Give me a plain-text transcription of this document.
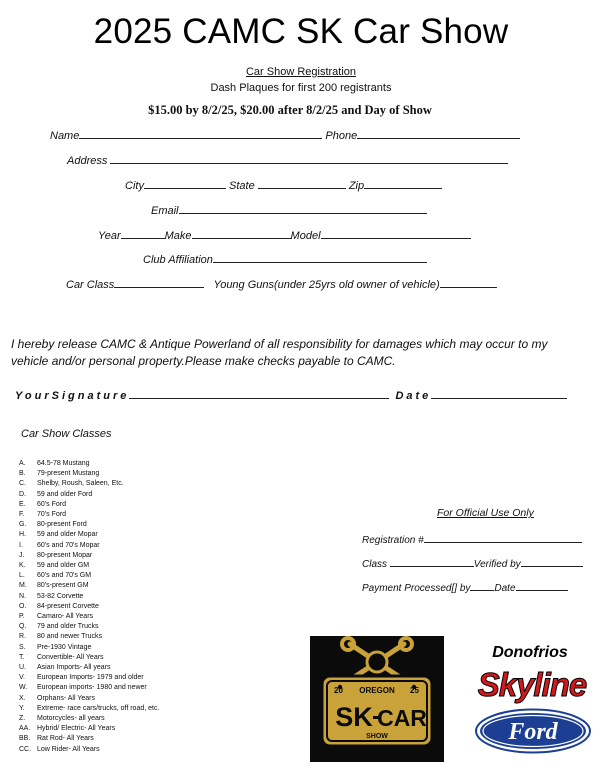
2025 CAMC SK Car Show
Car Show Registration
Dash Plaques for first 200 registrants
$15.00 by 8/2/25, $20.00 after 8/2/25 and Day of Show
Name	Phone
Address
City	State	Zip
Email
Year	Make	Model
Club Affiliation
Car Class	Young Guns(under 25yrs old owner of vehicle)
I hereby release CAMC & Antique Powerland of all responsibility for damages which may occur to my vehicle and/or personal property.Please make checks payable to CAMC.
YourSignature	Date
Car Show Classes
A. 64.5-78 Mustang
B. 79-present Mustang
C. Shelby, Roush, Saleen, Etc.
D. 59 and older Ford
E. 60's Ford
F. 70's Ford
G. 80-present Ford
H. 59 and older Mopar
I. 60's and 70's Mopar
J. 80-present Mopar
K. 59 and older GM
L. 60's and 70's GM
M. 80's-present GM
N. 53-82 Corvette
O. 84-present Corvette
P. Camaro- All Years
Q. 79 and older Trucks
R. 80 and newer Trucks
S. Pre-1930 Vintage
T. Convertible- All Years
U. Asian Imports- All years
V. European Imports- 1979 and older
W. European imports- 1980 and newer
X. Orphans- All Years
Y. Extreme- race cars/trucks, off road, etc.
Z. Motorcycles- all years
AA. Hybrid/ Electric- All Years
BB. Rat Rod- All Years
CC. Low Rider- All Years
For Official Use Only
Registration #
Class	Verified by
Payment Processed[] by Date
20 OREGON 25
SK CAR
SHOW
Donofrios
Skyline
Ford
